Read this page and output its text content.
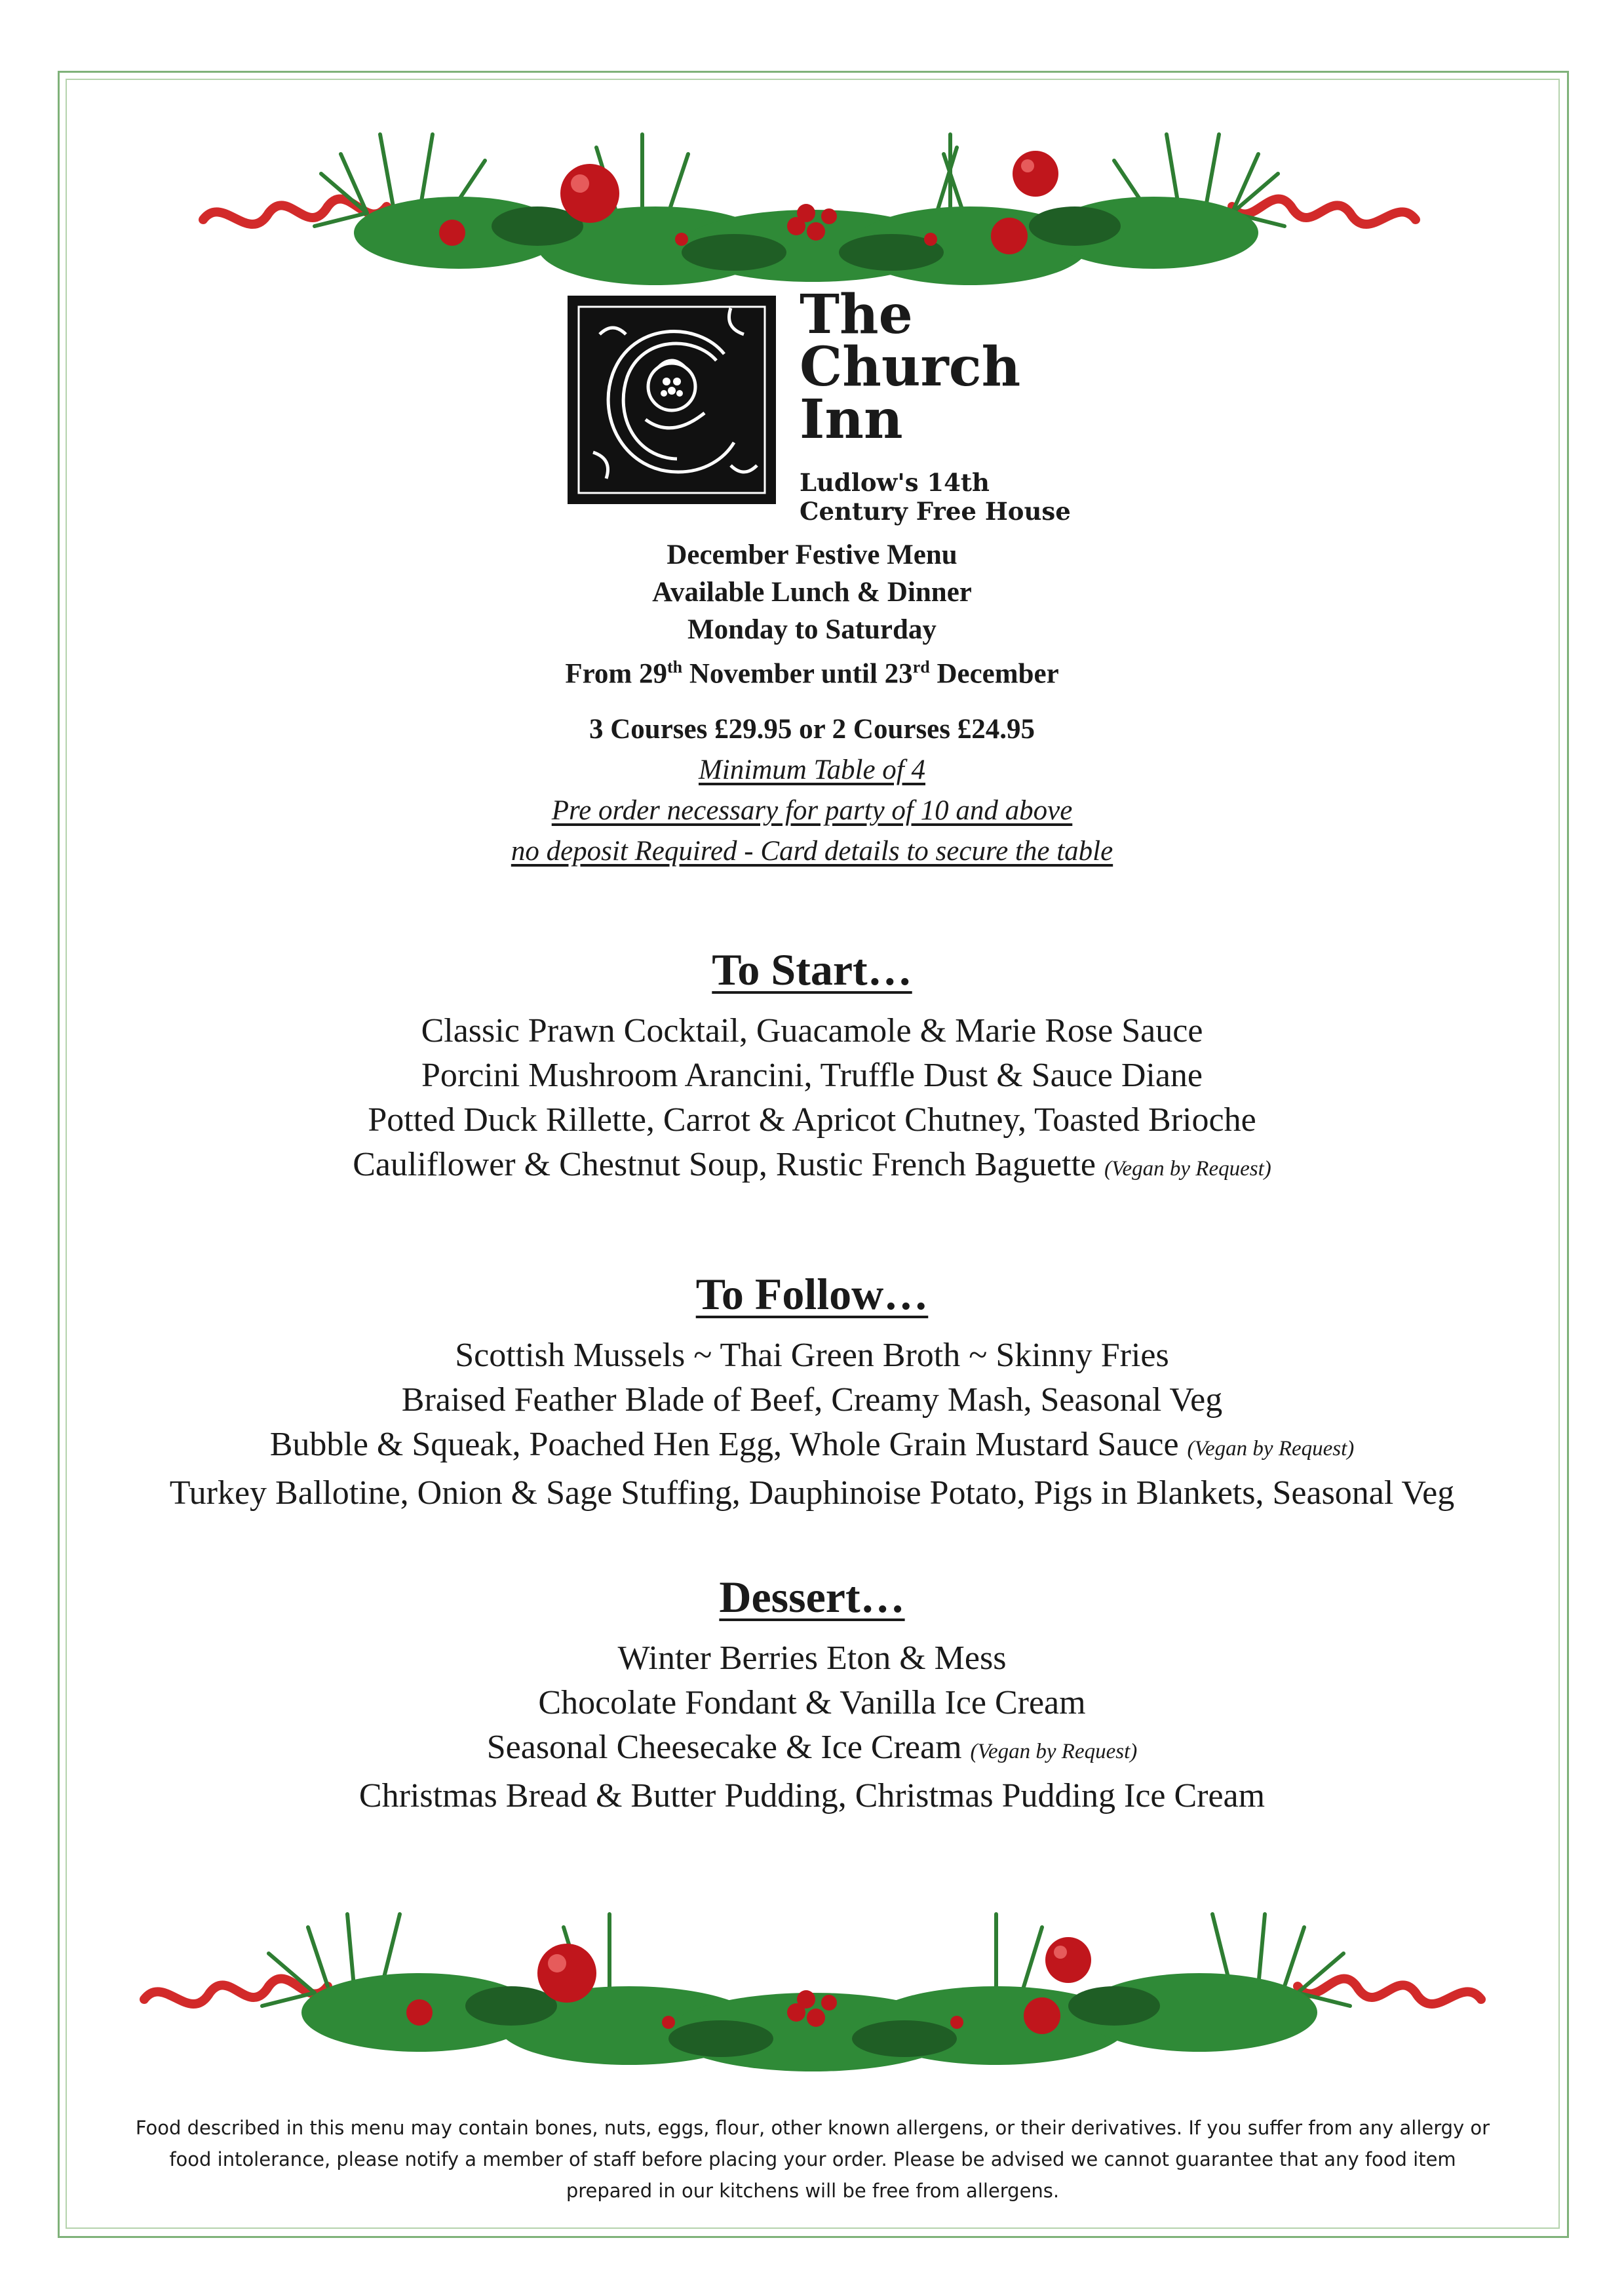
The
Church
Inn
Ludlow's 14th
Century Free House
December Festive Menu
Available Lunch & Dinner
Monday to Saturday
From 29th November until 23rd December
3 Courses £29.95 or 2 Courses £24.95
Minimum Table of 4
Pre order necessary for party of 10 and above
no deposit Required - Card details to secure the table
To Start…
Classic Prawn Cocktail, Guacamole & Marie Rose Sauce
Porcini Mushroom Arancini, Truffle Dust & Sauce Diane
Potted Duck Rillette, Carrot & Apricot Chutney, Toasted Brioche
Cauliflower & Chestnut Soup, Rustic French Baguette (Vegan by Request)
To Follow…
Scottish Mussels ~ Thai Green Broth ~ Skinny Fries
Braised Feather Blade of Beef, Creamy Mash, Seasonal Veg
Bubble & Squeak, Poached Hen Egg, Whole Grain Mustard Sauce (Vegan by Request)
Turkey Ballotine, Onion & Sage Stuffing, Dauphinoise Potato, Pigs in Blankets, Seasonal Veg
Dessert…
Winter Berries Eton & Mess
Chocolate Fondant & Vanilla Ice Cream
Seasonal Cheesecake & Ice Cream (Vegan by Request)
Christmas Bread & Butter Pudding, Christmas Pudding Ice Cream
Food described in this menu may contain bones, nuts, eggs, flour, other known allergens, or their derivatives. If you suffer from any allergy or
food intolerance, please notify a member of staff before placing your order. Please be advised we cannot guarantee that any food item
prepared in our kitchens will be free from allergens.
